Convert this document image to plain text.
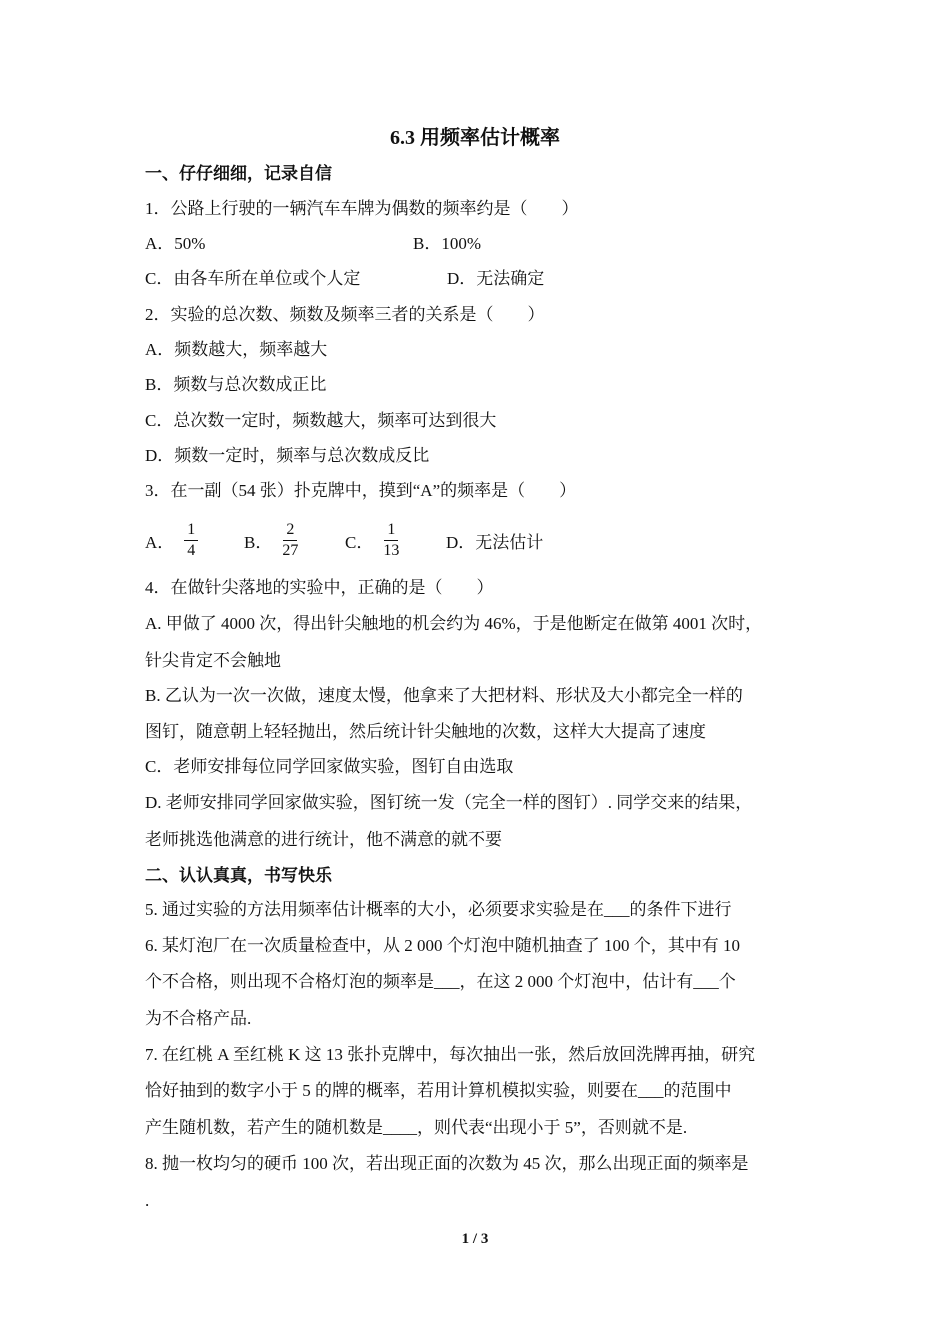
6.3 用频率估计概率
一、仔仔细细，记录自信
1．公路上行驶的一辆汽车车牌为偶数的频率约是（　　）
A．50%	B．100%
C．由各车所在单位或个人定	D．无法确定
2．实验的总次数、频数及频率三者的关系是（　　）
A．频数越大，频率越大
B．频数与总次数成正比
C．总次数一定时，频数越大，频率可达到很大
D．频数一定时，频率与总次数成反比
3．在一副（54 张）扑克牌中，摸到“A”的频率是（　　）
A． $\frac{1}{4}$	B． $\frac{2}{27}$	C． $\frac{1}{13}$	D．无法估计
4．在做针尖落地的实验中，正确的是（　　）
A. 甲做了 4000 次，得出针尖触地的机会约为 46%，于是他断定在做第 4001 次时，
针尖肯定不会触地
B. 乙认为一次一次做，速度太慢，他拿来了大把材料、形状及大小都完全一样的
图钉，随意朝上轻轻抛出，然后统计针尖触地的次数，这样大大提高了速度
C．老师安排每位同学回家做实验，图钉自由选取
D. 老师安排同学回家做实验，图钉统一发（完全一样的图钉）. 同学交来的结果，
老师挑选他满意的进行统计，他不满意的就不要
二、认认真真，书写快乐
5. 通过实验的方法用频率估计概率的大小，必须要求实验是在___的条件下进行
6. 某灯泡厂在一次质量检查中，从 2 000 个灯泡中随机抽查了 100 个，其中有 10
个不合格，则出现不合格灯泡的频率是___，在这 2 000 个灯泡中，估计有___个
为不合格产品.
7. 在红桃 A 至红桃 K 这 13 张扑克牌中，每次抽出一张，然后放回洗牌再抽，研究
恰好抽到的数字小于 5 的牌的概率，若用计算机模拟实验，则要在___的范围中
产生随机数，若产生的随机数是____，则代表“出现小于 5”，否则就不是.
8. 抛一枚均匀的硬币 100 次，若出现正面的次数为 45 次，那么出现正面的频率是
.
1 / 3
